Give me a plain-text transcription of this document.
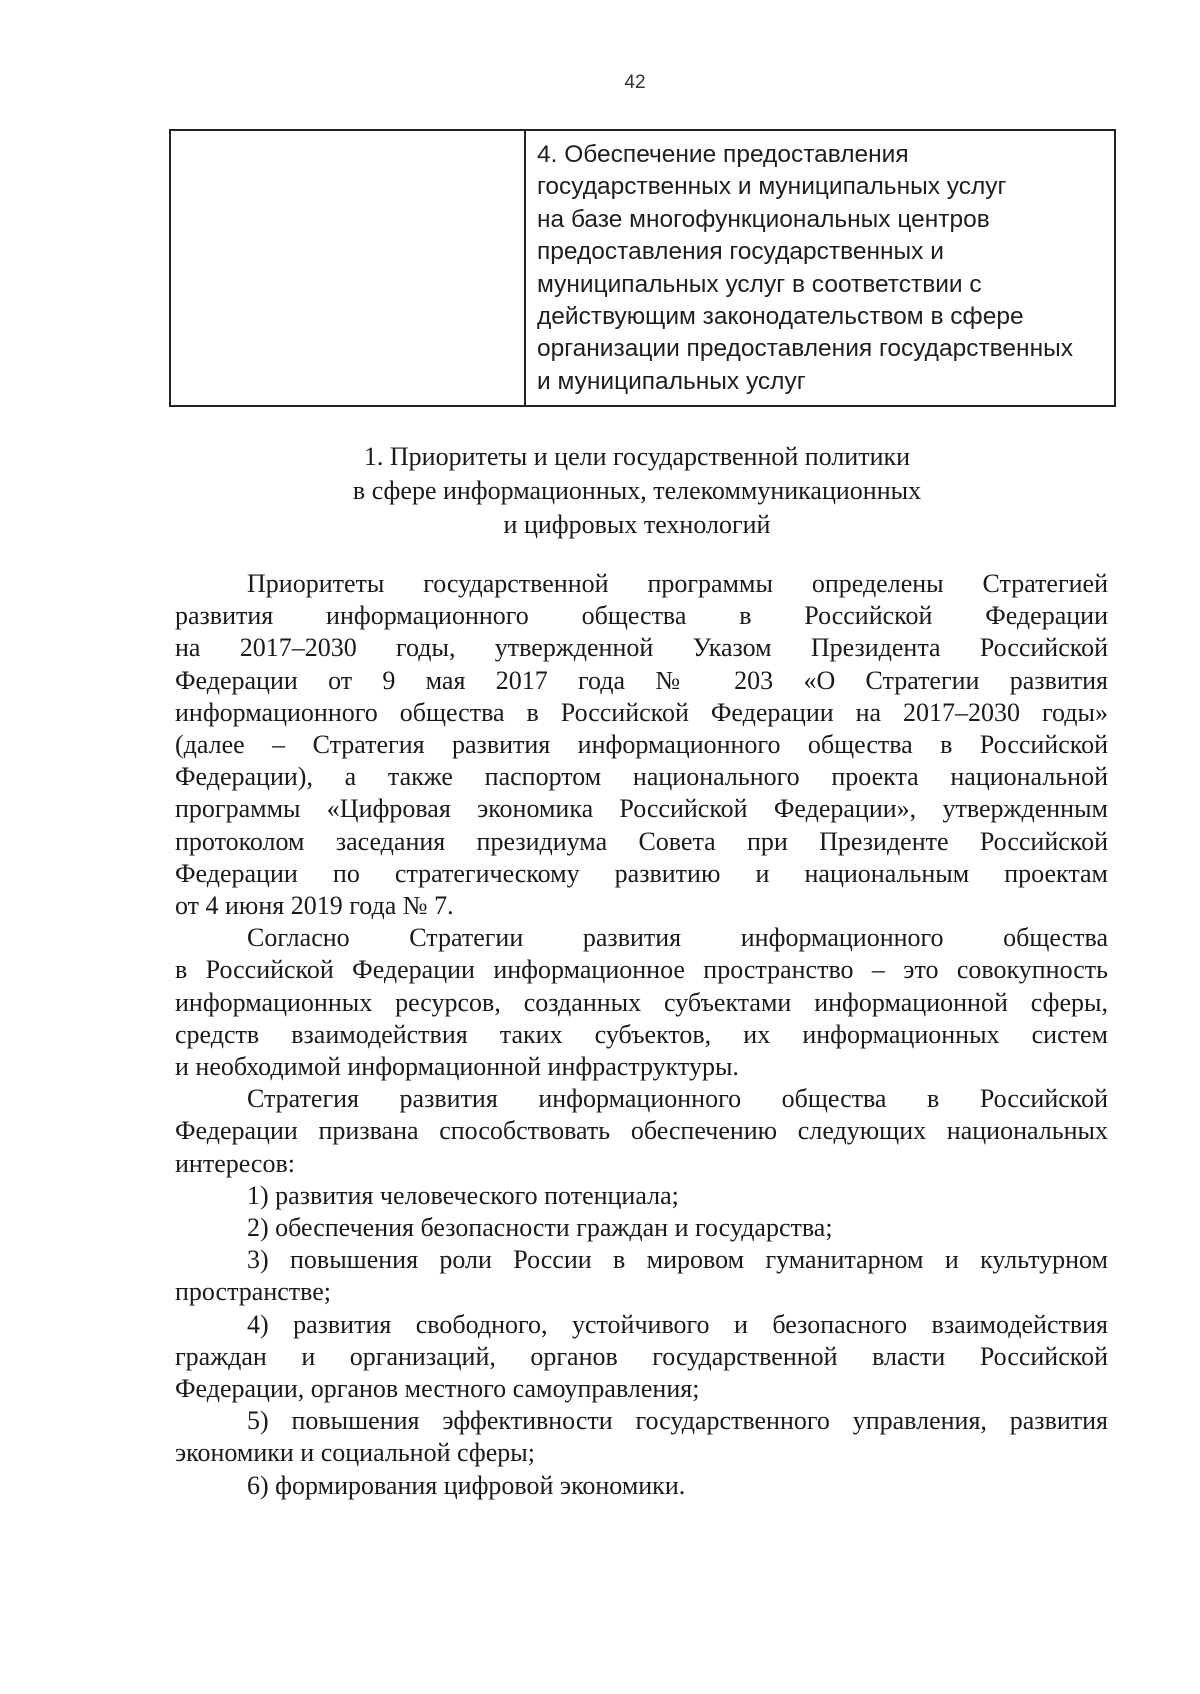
42
4. Обеспечение предоставления
государственных и муниципальных услуг
на базе многофункциональных центров
предоставления государственных и
муниципальных услуг в соответствии с
действующим законодательством в сфере
организации предоставления государственных
и муниципальных услуг
1. Приоритеты и цели государственной политики
в сфере информационных, телекоммуникационных
и цифровых технологий
Приоритеты государственной программы определены Стратегией
развития информационного общества в Российской Федерации
на 2017–2030 годы, утвержденной Указом Президента Российской
Федерации от 9 мая 2017 года № 203 «О Стратегии развития
информационного общества в Российской Федерации на 2017–2030 годы»
(далее – Стратегия развития информационного общества в Российской
Федерации), а также паспортом национального проекта национальной
программы «Цифровая экономика Российской Федерации», утвержденным
протоколом заседания президиума Совета при Президенте Российской
Федерации по стратегическому развитию и национальным проектам
от 4 июня 2019 года № 7.
Согласно Стратегии развития информационного общества
в Российской Федерации информационное пространство – это совокупность
информационных ресурсов, созданных субъектами информационной сферы,
средств взаимодействия таких субъектов, их информационных систем
и необходимой информационной инфраструктуры.
Стратегия развития информационного общества в Российской
Федерации призвана способствовать обеспечению следующих национальных
интересов:
1) развития человеческого потенциала;
2) обеспечения безопасности граждан и государства;
3) повышения роли России в мировом гуманитарном и культурном
пространстве;
4) развития свободного, устойчивого и безопасного взаимодействия
граждан и организаций, органов государственной власти Российской
Федерации, органов местного самоуправления;
5) повышения эффективности государственного управления, развития
экономики и социальной сферы;
6) формирования цифровой экономики.
